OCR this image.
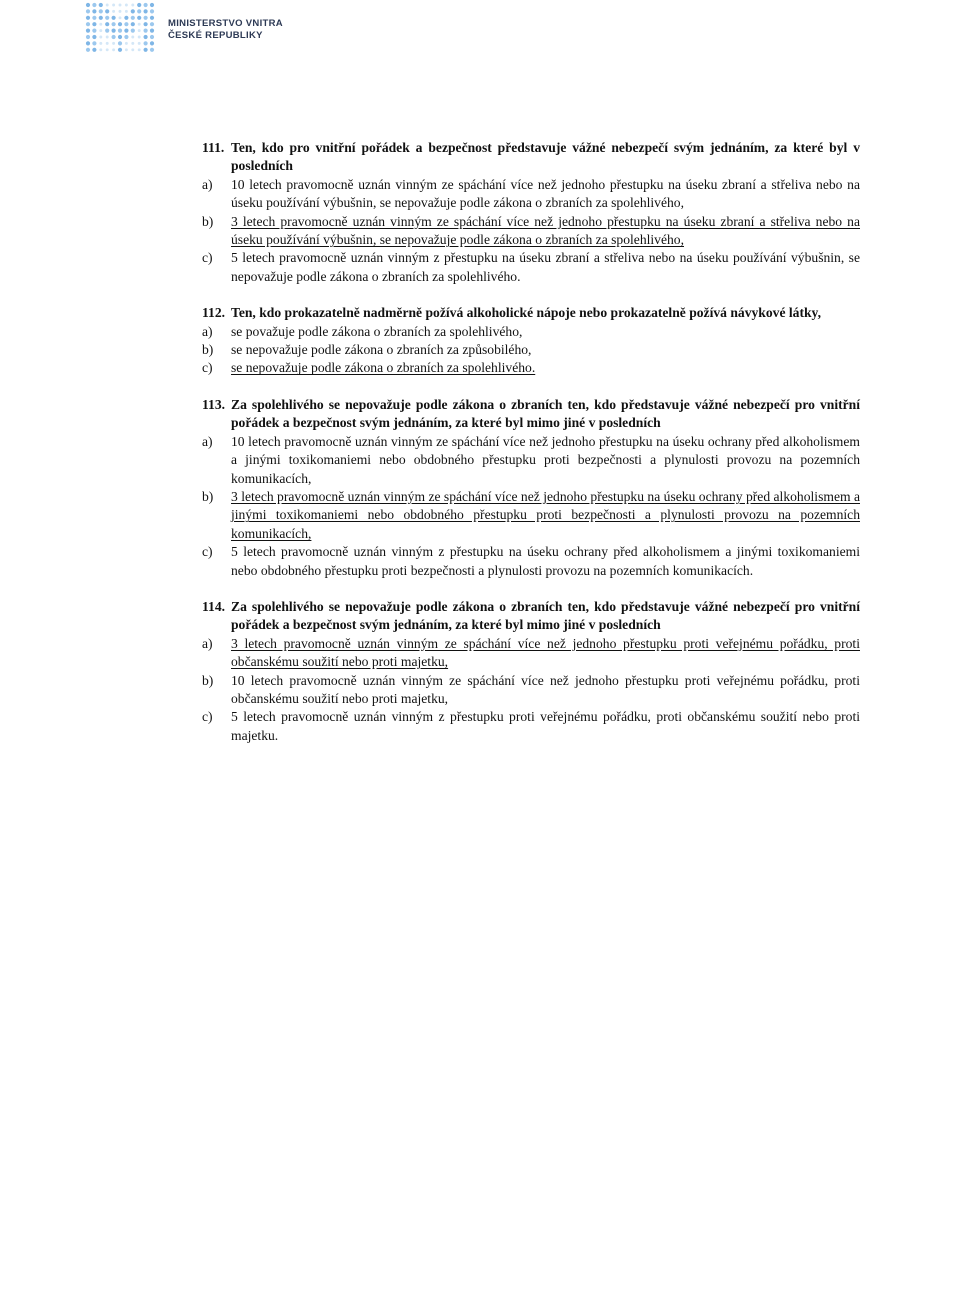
MINISTERSTVO VNITRA
ČESKÉ REPUBLIKY
111. Ten, kdo pro vnitřní pořádek a bezpečnost představuje vážné nebezpečí svým jednáním, za které byl v posledních
a) 10 letech pravomocně uznán vinným ze spáchání více než jednoho přestupku na úseku zbraní a střeliva nebo na úseku používání výbušnin, se nepovažuje podle zákona o zbraních za spolehlivého,
b) 3 letech pravomocně uznán vinným ze spáchání více než jednoho přestupku na úseku zbraní a střeliva nebo na úseku používání výbušnin, se nepovažuje podle zákona o zbraních za spolehlivého,
c) 5 letech pravomocně uznán vinným z přestupku na úseku zbraní a střeliva nebo na úseku používání výbušnin, se nepovažuje podle zákona o zbraních za spolehlivého.
112. Ten, kdo prokazatelně nadměrně požívá alkoholické nápoje nebo prokazatelně požívá návykové látky,
a) se považuje podle zákona o zbraních za spolehlivého,
b) se nepovažuje podle zákona o zbraních za způsobilého,
c) se nepovažuje podle zákona o zbraních za spolehlivého.
113. Za spolehlivého se nepovažuje podle zákona o zbraních ten, kdo představuje vážné nebezpečí pro vnitřní pořádek a bezpečnost svým jednáním, za které byl mimo jiné v posledních
a) 10 letech pravomocně uznán vinným ze spáchání více než jednoho přestupku na úseku ochrany před alkoholismem a jinými toxikomaniemi nebo obdobného přestupku proti bezpečnosti a plynulosti provozu na pozemních komunikacích,
b) 3 letech pravomocně uznán vinným ze spáchání více než jednoho přestupku na úseku ochrany před alkoholismem a jinými toxikomaniemi nebo obdobného přestupku proti bezpečnosti a plynulosti provozu na pozemních komunikacích,
c) 5 letech pravomocně uznán vinným z přestupku na úseku ochrany před alkoholismem a jinými toxikomaniemi nebo obdobného přestupku proti bezpečnosti a plynulosti provozu na pozemních komunikacích.
114. Za spolehlivého se nepovažuje podle zákona o zbraních ten, kdo představuje vážné nebezpečí pro vnitřní pořádek a bezpečnost svým jednáním, za které byl mimo jiné v posledních
a) 3 letech pravomocně uznán vinným ze spáchání více než jednoho přestupku proti veřejnému pořádku, proti občanskému soužití nebo proti majetku,
b) 10 letech pravomocně uznán vinným ze spáchání více než jednoho přestupku proti veřejnému pořádku, proti občanskému soužití nebo proti majetku,
c) 5 letech pravomocně uznán vinným z přestupku proti veřejnému pořádku, proti občanskému soužití nebo proti majetku.
